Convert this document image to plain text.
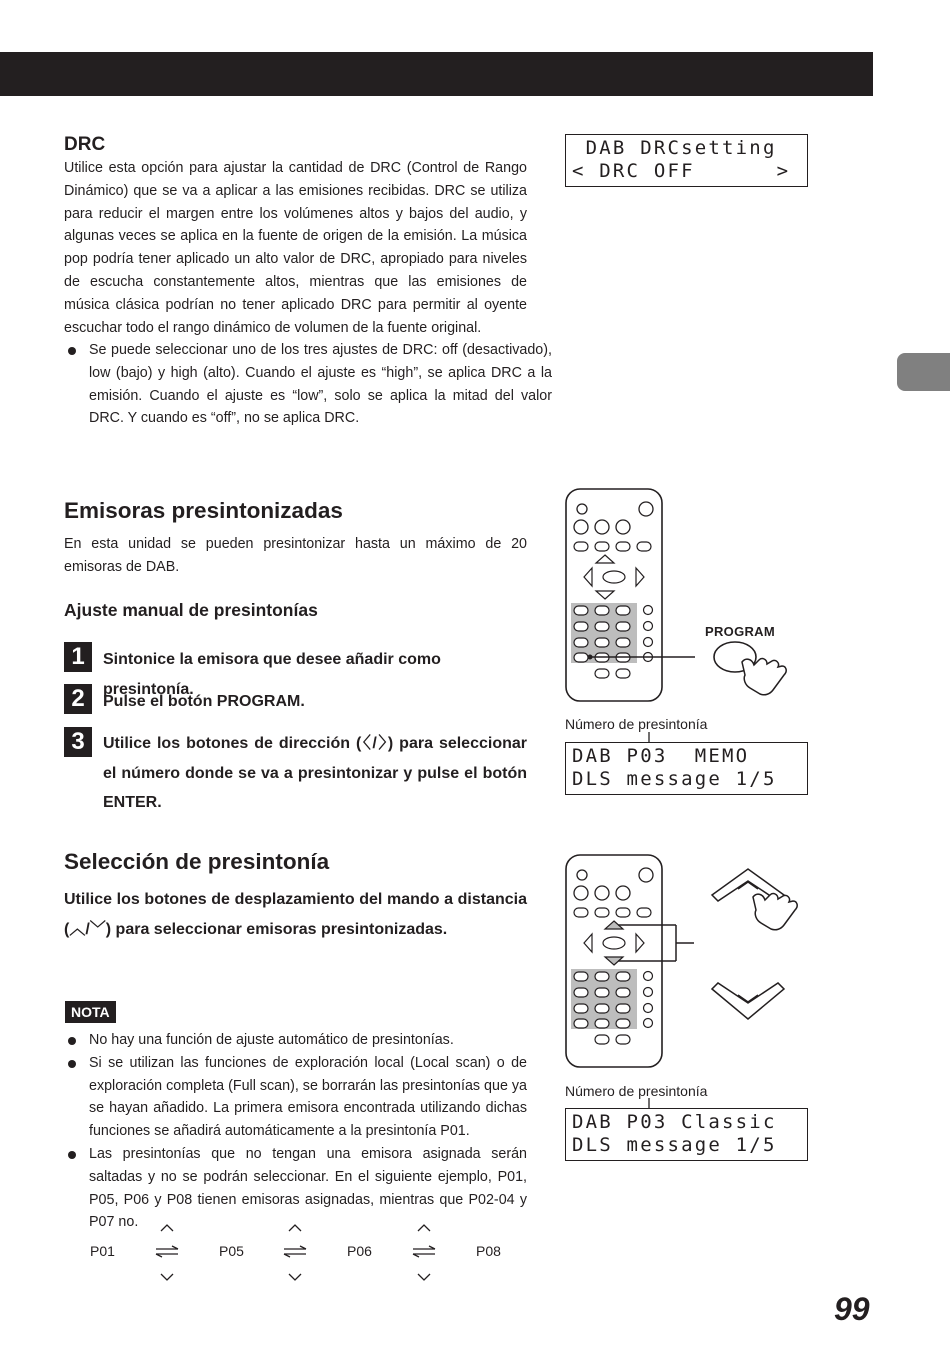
DRC
Utilice esta opción para ajustar la cantidad de DRC (Control de Rango Dinámico) que se va a aplicar a las emisiones recibidas. DRC se utiliza para reducir el margen entre los volúmenes altos y bajos del audio, y algunas veces se aplica en la fuente de origen de la emisión. La música pop podría tener aplicado un alto valor de DRC, apropiado para niveles de escucha constantemente altos, mientras que las emisiones de música clásica podrían no tener aplicado DRC para permitir al oyente escuchar todo el rango dinámico de volumen de la fuente original.
Se puede seleccionar uno de los tres ajustes de DRC: off (desactivado), low (bajo) y high (alto). Cuando el ajuste es “high”, se aplica DRC a la emisión. Cuando el ajuste es “low”, solo se aplica la mitad del valor DRC. Y cuando es “off”, no se aplica DRC.
DAB DRCsetting
< DRC OFF      >
Emisoras presintonizadas
En esta unidad se pueden presintonizar hasta un máximo de 20 emisoras de DAB.
Ajuste manual de presintonías
1	Sintonice la emisora que desee añadir como presintonía.
2	Pulse el botón PROGRAM.
3	Utilice los botones de dirección (〈/〉) para seleccionar el número donde se va a presintonizar y pulse el botón ENTER.
PROGRAM
Número de presintonía
DAB P03  MEMO
DLS message 1/5
Selección de presintonía
Utilice los botones de desplazamiento del mando a distancia (︿/﹀) para seleccionar emisoras presintonizadas.
Número de presintonía
DAB P03 Classic
DLS message 1/5
NOTA
No hay una función de ajuste automático de presintonías.
Si se utilizan las funciones de exploración local (Local scan) o de exploración completa (Full scan), se borrarán las presintonías que ya se hayan añadido. La primera emisora encontrada utilizando dichas funciones se añadirá automáticamente a la presintonía P01.
Las presintonías que no tengan una emisora asignada serán saltadas y no se podrán seleccionar. En el siguiente ejemplo, P01, P05, P06 y P08 tienen emisoras asignadas, mientras que P02-04 y P07 no.
P01	P05	P06	P08
99
